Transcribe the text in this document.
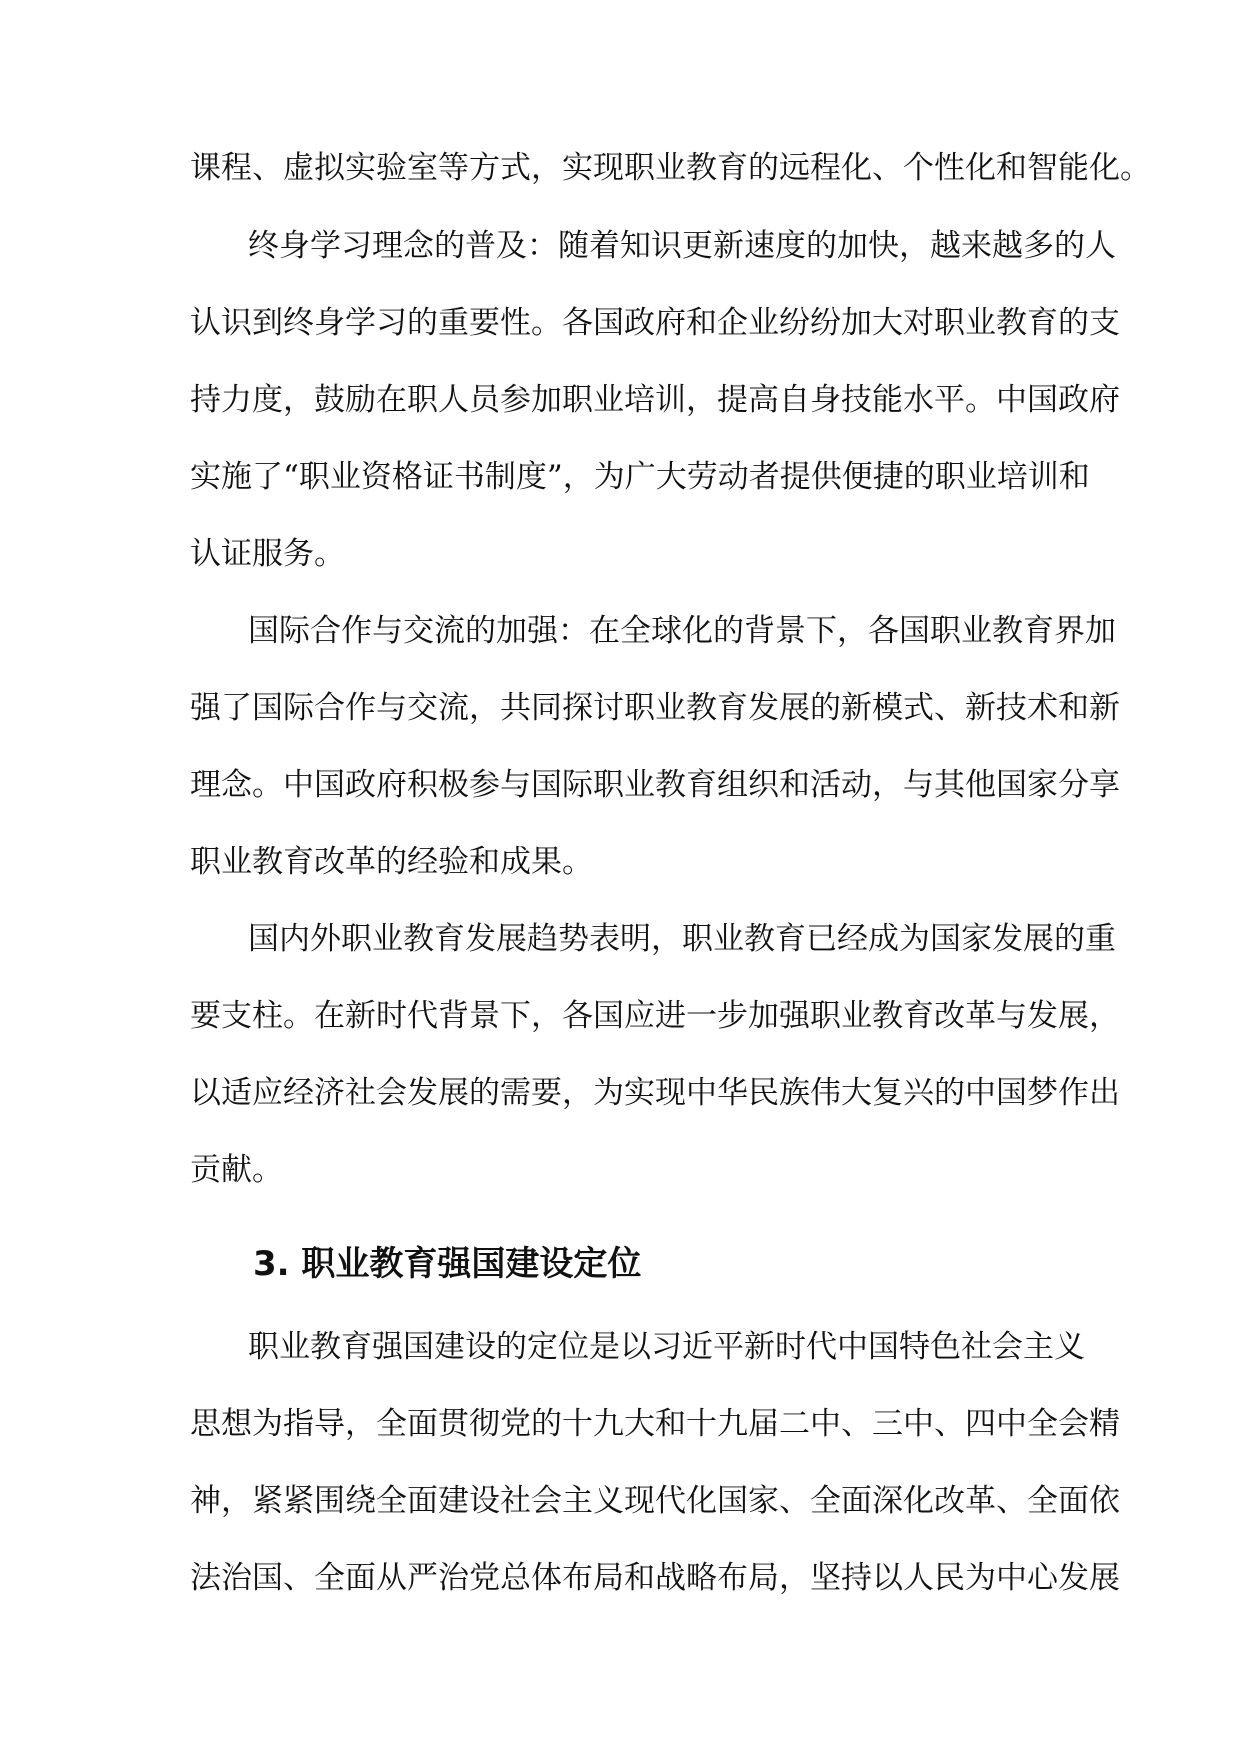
课程、虚拟实验室等方式，实现职业教育的远程化、个性化和智能化。
终身学习理念的普及：随着知识更新速度的加快，越来越多的人
认识到终身学习的重要性。各国政府和企业纷纷加大对职业教育的支
持力度，鼓励在职人员参加职业培训，提高自身技能水平。中国政府
实施了“职业资格证书制度”，为广大劳动者提供便捷的职业培训和
认证服务。
国际合作与交流的加强：在全球化的背景下，各国职业教育界加
强了国际合作与交流，共同探讨职业教育发展的新模式、新技术和新
理念。中国政府积极参与国际职业教育组织和活动，与其他国家分享
职业教育改革的经验和成果。
国内外职业教育发展趋势表明，职业教育已经成为国家发展的重
要支柱。在新时代背景下，各国应进一步加强职业教育改革与发展，
以适应经济社会发展的需要，为实现中华民族伟大复兴的中国梦作出
贡献。
3. 职业教育强国建设定位
职业教育强国建设的定位是以习近平新时代中国特色社会主义
思想为指导，全面贯彻党的十九大和十九届二中、三中、四中全会精
神，紧紧围绕全面建设社会主义现代化国家、全面深化改革、全面依
法治国、全面从严治党总体布局和战略布局，坚持以人民为中心发展
